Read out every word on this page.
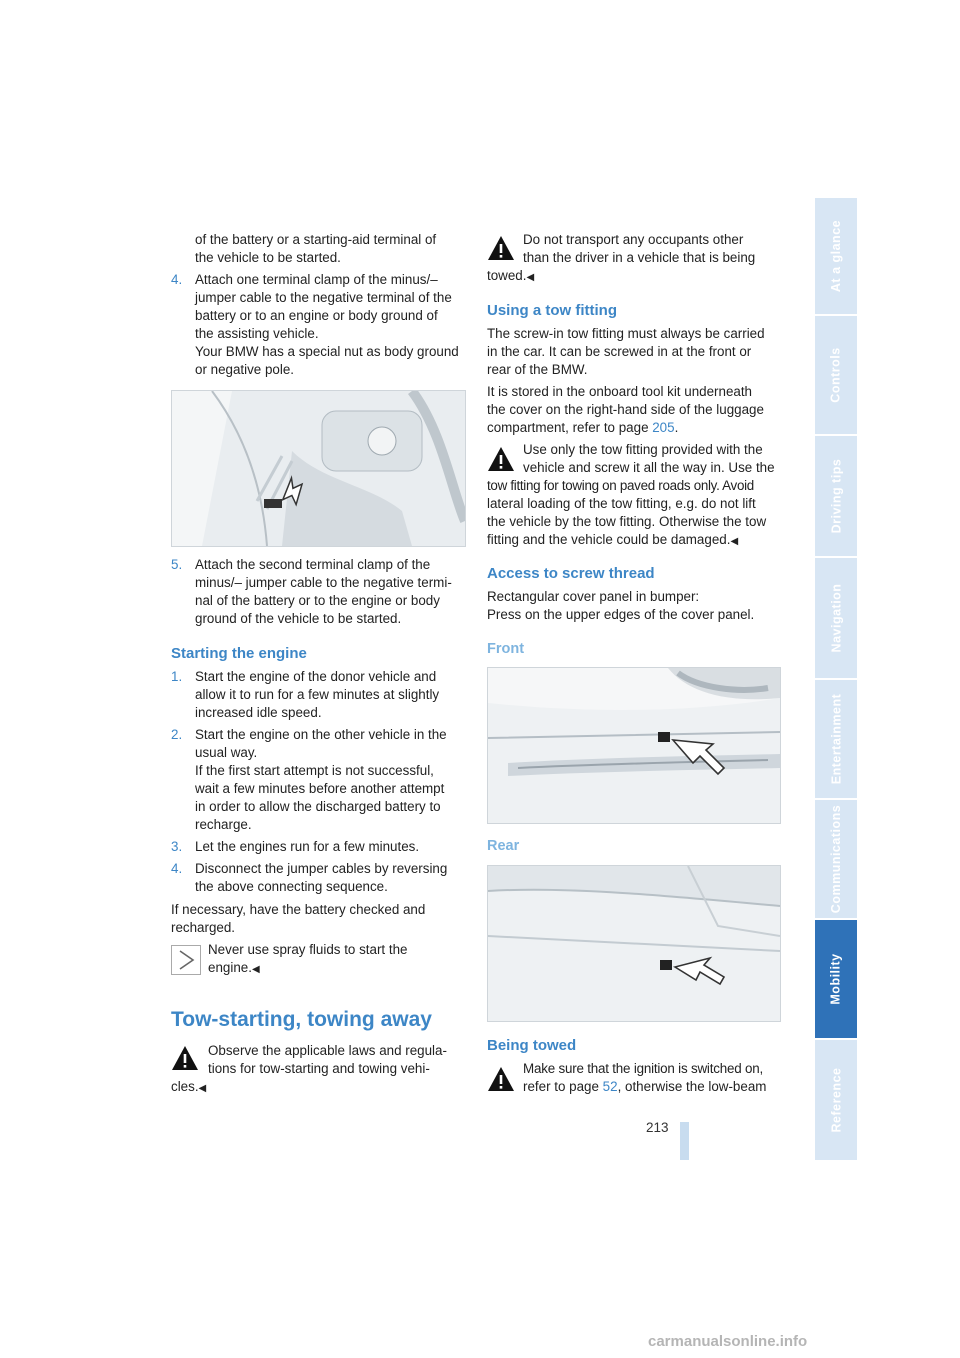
of the battery or a starting-aid terminal of
the vehicle to be started.
4. Attach one terminal clamp of the minus/–
jumper cable to the negative terminal of the
battery or to an engine or body ground of
the assisting vehicle.
Your BMW has a special nut as body ground
or negative pole.
5. Attach the second terminal clamp of the
minus/– jumper cable to the negative termi-
nal of the battery or to the engine or body
ground of the vehicle to be started.
Starting the engine
1. Start the engine of the donor vehicle and
allow it to run for a few minutes at slightly
increased idle speed.
2. Start the engine on the other vehicle in the
usual way.
If the first start attempt is not successful,
wait a few minutes before another attempt
in order to allow the discharged battery to
recharge.
3. Let the engines run for a few minutes.
4. Disconnect the jumper cables by reversing
the above connecting sequence.
If necessary, have the battery checked and
recharged.
Never use spray fluids to start the
engine.◀
Tow-starting, towing away
Observe the applicable laws and regula-
tions for tow-starting and towing vehi-
cles.◀
Do not transport any occupants other
than the driver in a vehicle that is being
towed.◀
Using a tow fitting
The screw-in tow fitting must always be carried
in the car. It can be screwed in at the front or
rear of the BMW.
It is stored in the onboard tool kit underneath
the cover on the right-hand side of the luggage
compartment, refer to page 205.
Use only the tow fitting provided with the
vehicle and screw it all the way in. Use the
tow fitting for towing on paved roads only. Avoid
lateral loading of the tow fitting, e.g. do not lift
the vehicle by the tow fitting. Otherwise the tow
fitting and the vehicle could be damaged.◀
Access to screw thread
Rectangular cover panel in bumper:
Press on the upper edges of the cover panel.
Front
Rear
Being towed
Make sure that the ignition is switched on,
refer to page 52, otherwise the low-beam
At a glance
Controls
Driving tips
Navigation
Entertainment
Communications
Mobility
Reference
213
carmanualsonline.info
